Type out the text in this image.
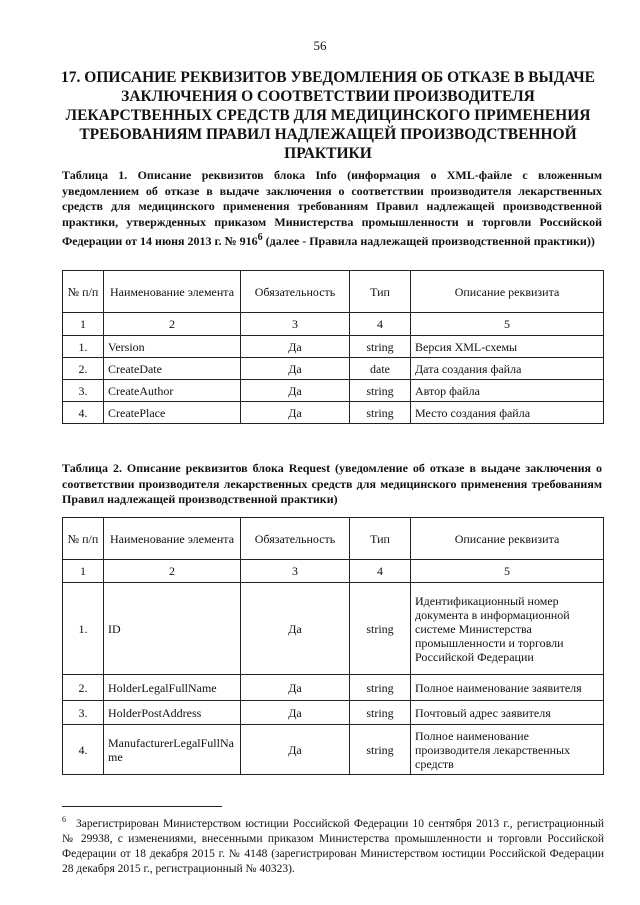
56
17. ОПИСАНИЕ РЕКВИЗИТОВ УВЕДОМЛЕНИЯ ОБ ОТКАЗЕ В ВЫДАЧЕ ЗАКЛЮЧЕНИЯ О СООТВЕТСТВИИ ПРОИЗВОДИТЕЛЯ ЛЕКАРСТВЕННЫХ СРЕДСТВ ДЛЯ МЕДИЦИНСКОГО ПРИМЕНЕНИЯ ТРЕБОВАНИЯМ ПРАВИЛ НАДЛЕЖАЩЕЙ ПРОИЗВОДСТВЕННОЙ ПРАКТИКИ

Таблица 1. Описание реквизитов блока Info (информация о XML-файле с вложенным уведомлением об отказе в выдаче заключения о соответствии производителя лекарственных средств для медицинского применения требованиям Правил надлежащей производственной практики, утвержденных приказом Министерства промышленности и торговли Российской Федерации от 14 июня 2013 г. № $916^6$ (далее - Правила надлежащей производственной практики))

№ п/п	Наименование элемента	Обязательность	Тип	Описание реквизита
1	2	3	4	5
1.	Version	Да	string	Версия XML-схемы
2.	CreateDate	Да	date	Дата создания файла
3.	CreateAuthor	Да	string	Автор файла
4.	CreatePlace	Да	string	Место создания файла

Таблица 2. Описание реквизитов блока Request (уведомление об отказе в выдаче заключения о соответствии производителя лекарственных средств для медицинского применения требованиям Правил надлежащей производственной практики)

№ п/п	Наименование элемента	Обязательность	Тип	Описание реквизита
1	2	3	4	5
1.	ID	Да	string	Идентификационный номер документа в информационной системе Министерства промышленности и торговли Российской Федерации
2.	HolderLegalFullName	Да	string	Полное наименование заявителя
3.	HolderPostAddress	Да	string	Почтовый адрес заявителя
4.	ManufacturerLegalFullName	Да	string	Полное наименование производителя лекарственных средств

$^6$ Зарегистрирован Министерством юстиции Российской Федерации 10 сентября 2013 г., регистрационный № 29938, с изменениями, внесенными приказом Министерства промышленности и торговли Российской Федерации от 18 декабря 2015 г. № 4148 (зарегистрирован Министерством юстиции Российской Федерации 28 декабря 2015 г., регистрационный № 40323).
